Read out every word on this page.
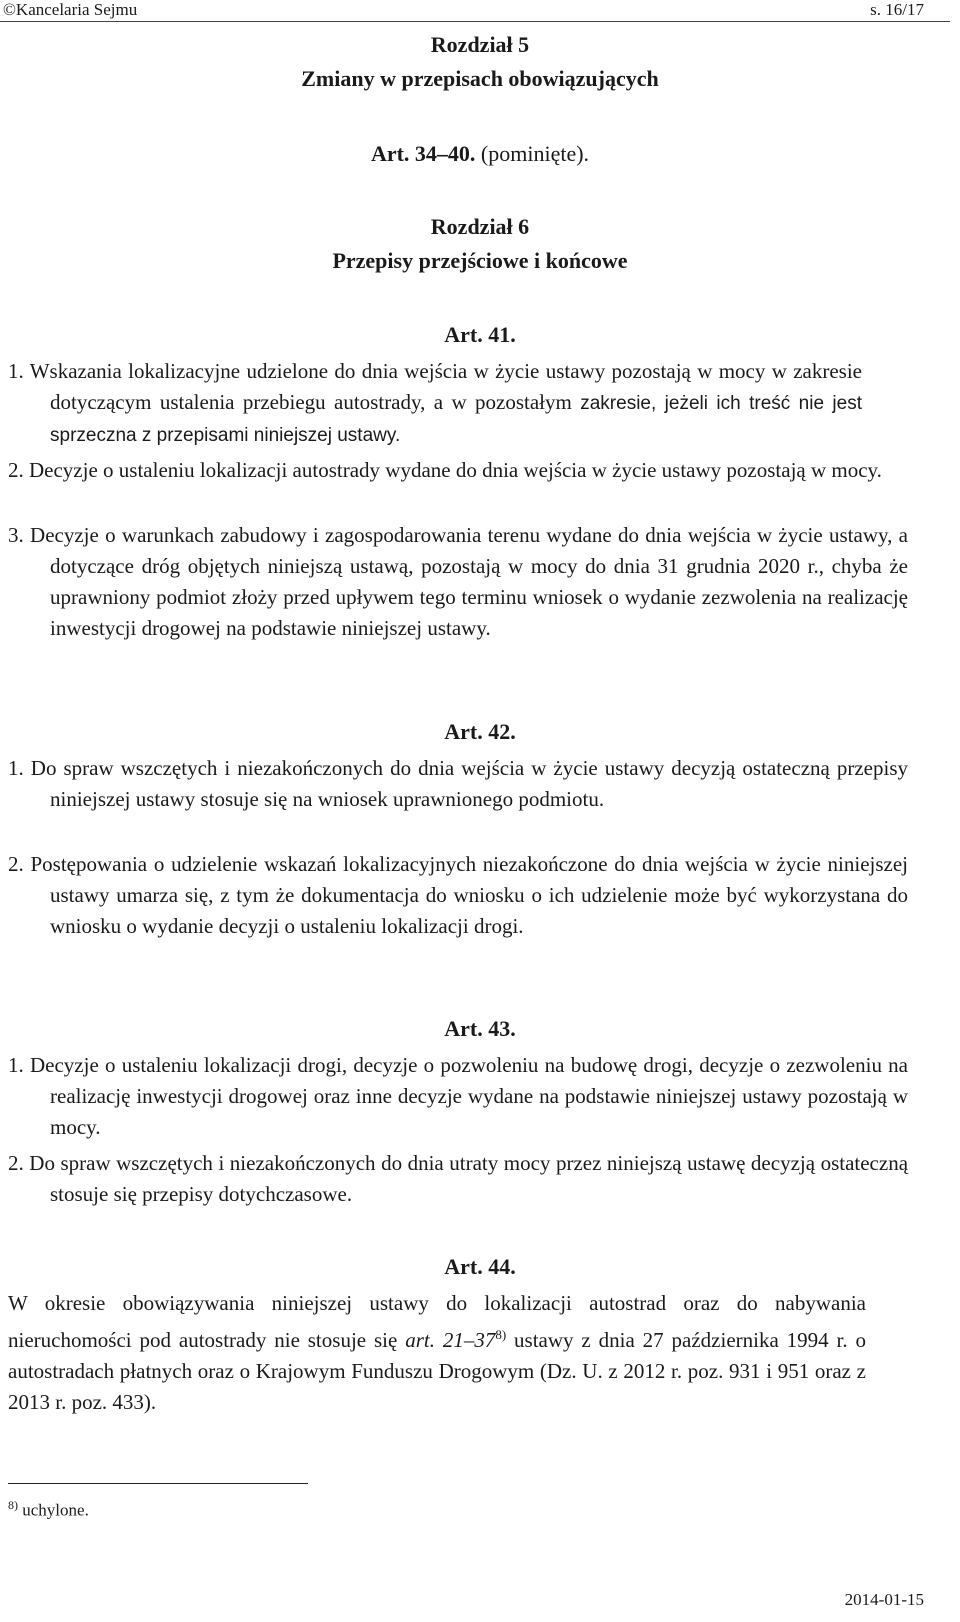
©Kancelaria Sejmu	s. 16/17
Rozdział 5
Zmiany w przepisach obowiązujących
Art. 34–40. (pominięte).
Rozdział 6
Przepisy przejściowe i końcowe
Art. 41.
1. Wskazania lokalizacyjne udzielone do dnia wejścia w życie ustawy pozostają w mocy w zakresie dotyczącym ustalenia przebiegu autostrady, a w pozostałym zakresie, jeżeli ich treść nie jest sprzeczna z przepisami niniejszej ustawy.
2. Decyzje o ustaleniu lokalizacji autostrady wydane do dnia wejścia w życie ustawy pozostają w mocy.
3. Decyzje o warunkach zabudowy i zagospodarowania terenu wydane do dnia wejścia w życie ustawy, a dotyczące dróg objętych niniejszą ustawą, pozostają w mocy do dnia 31 grudnia 2020 r., chyba że uprawniony podmiot złoży przed upływem tego terminu wniosek o wydanie zezwolenia na realizację inwestycji drogowej na podstawie niniejszej ustawy.
Art. 42.
1. Do spraw wszczętych i niezakończonych do dnia wejścia w życie ustawy decyzją ostateczną przepisy niniejszej ustawy stosuje się na wniosek uprawnionego podmiotu.
2. Postępowania o udzielenie wskazań lokalizacyjnych niezakończone do dnia wejścia w życie niniejszej ustawy umarza się, z tym że dokumentacja do wniosku o ich udzielenie może być wykorzystana do wniosku o wydanie decyzji o ustaleniu lokalizacji drogi.
Art. 43.
1. Decyzje o ustaleniu lokalizacji drogi, decyzje o pozwoleniu na budowę drogi, decyzje o zezwoleniu na realizację inwestycji drogowej oraz inne decyzje wydane na podstawie niniejszej ustawy pozostają w mocy.
2. Do spraw wszczętych i niezakończonych do dnia utraty mocy przez niniejszą ustawę decyzją ostateczną stosuje się przepisy dotychczasowe.
Art. 44.
W okresie obowiązywania niniejszej ustawy do lokalizacji autostrad oraz do nabywania nieruchomości pod autostrady nie stosuje się art. 21–37$^{8)}$ ustawy z dnia 27 października 1994 r. o autostradach płatnych oraz o Krajowym Funduszu Drogowym (Dz. U. z 2012 r. poz. 931 i 951 oraz z 2013 r. poz. 433).
$^{8)}$ uchylone.
2014-01-15
